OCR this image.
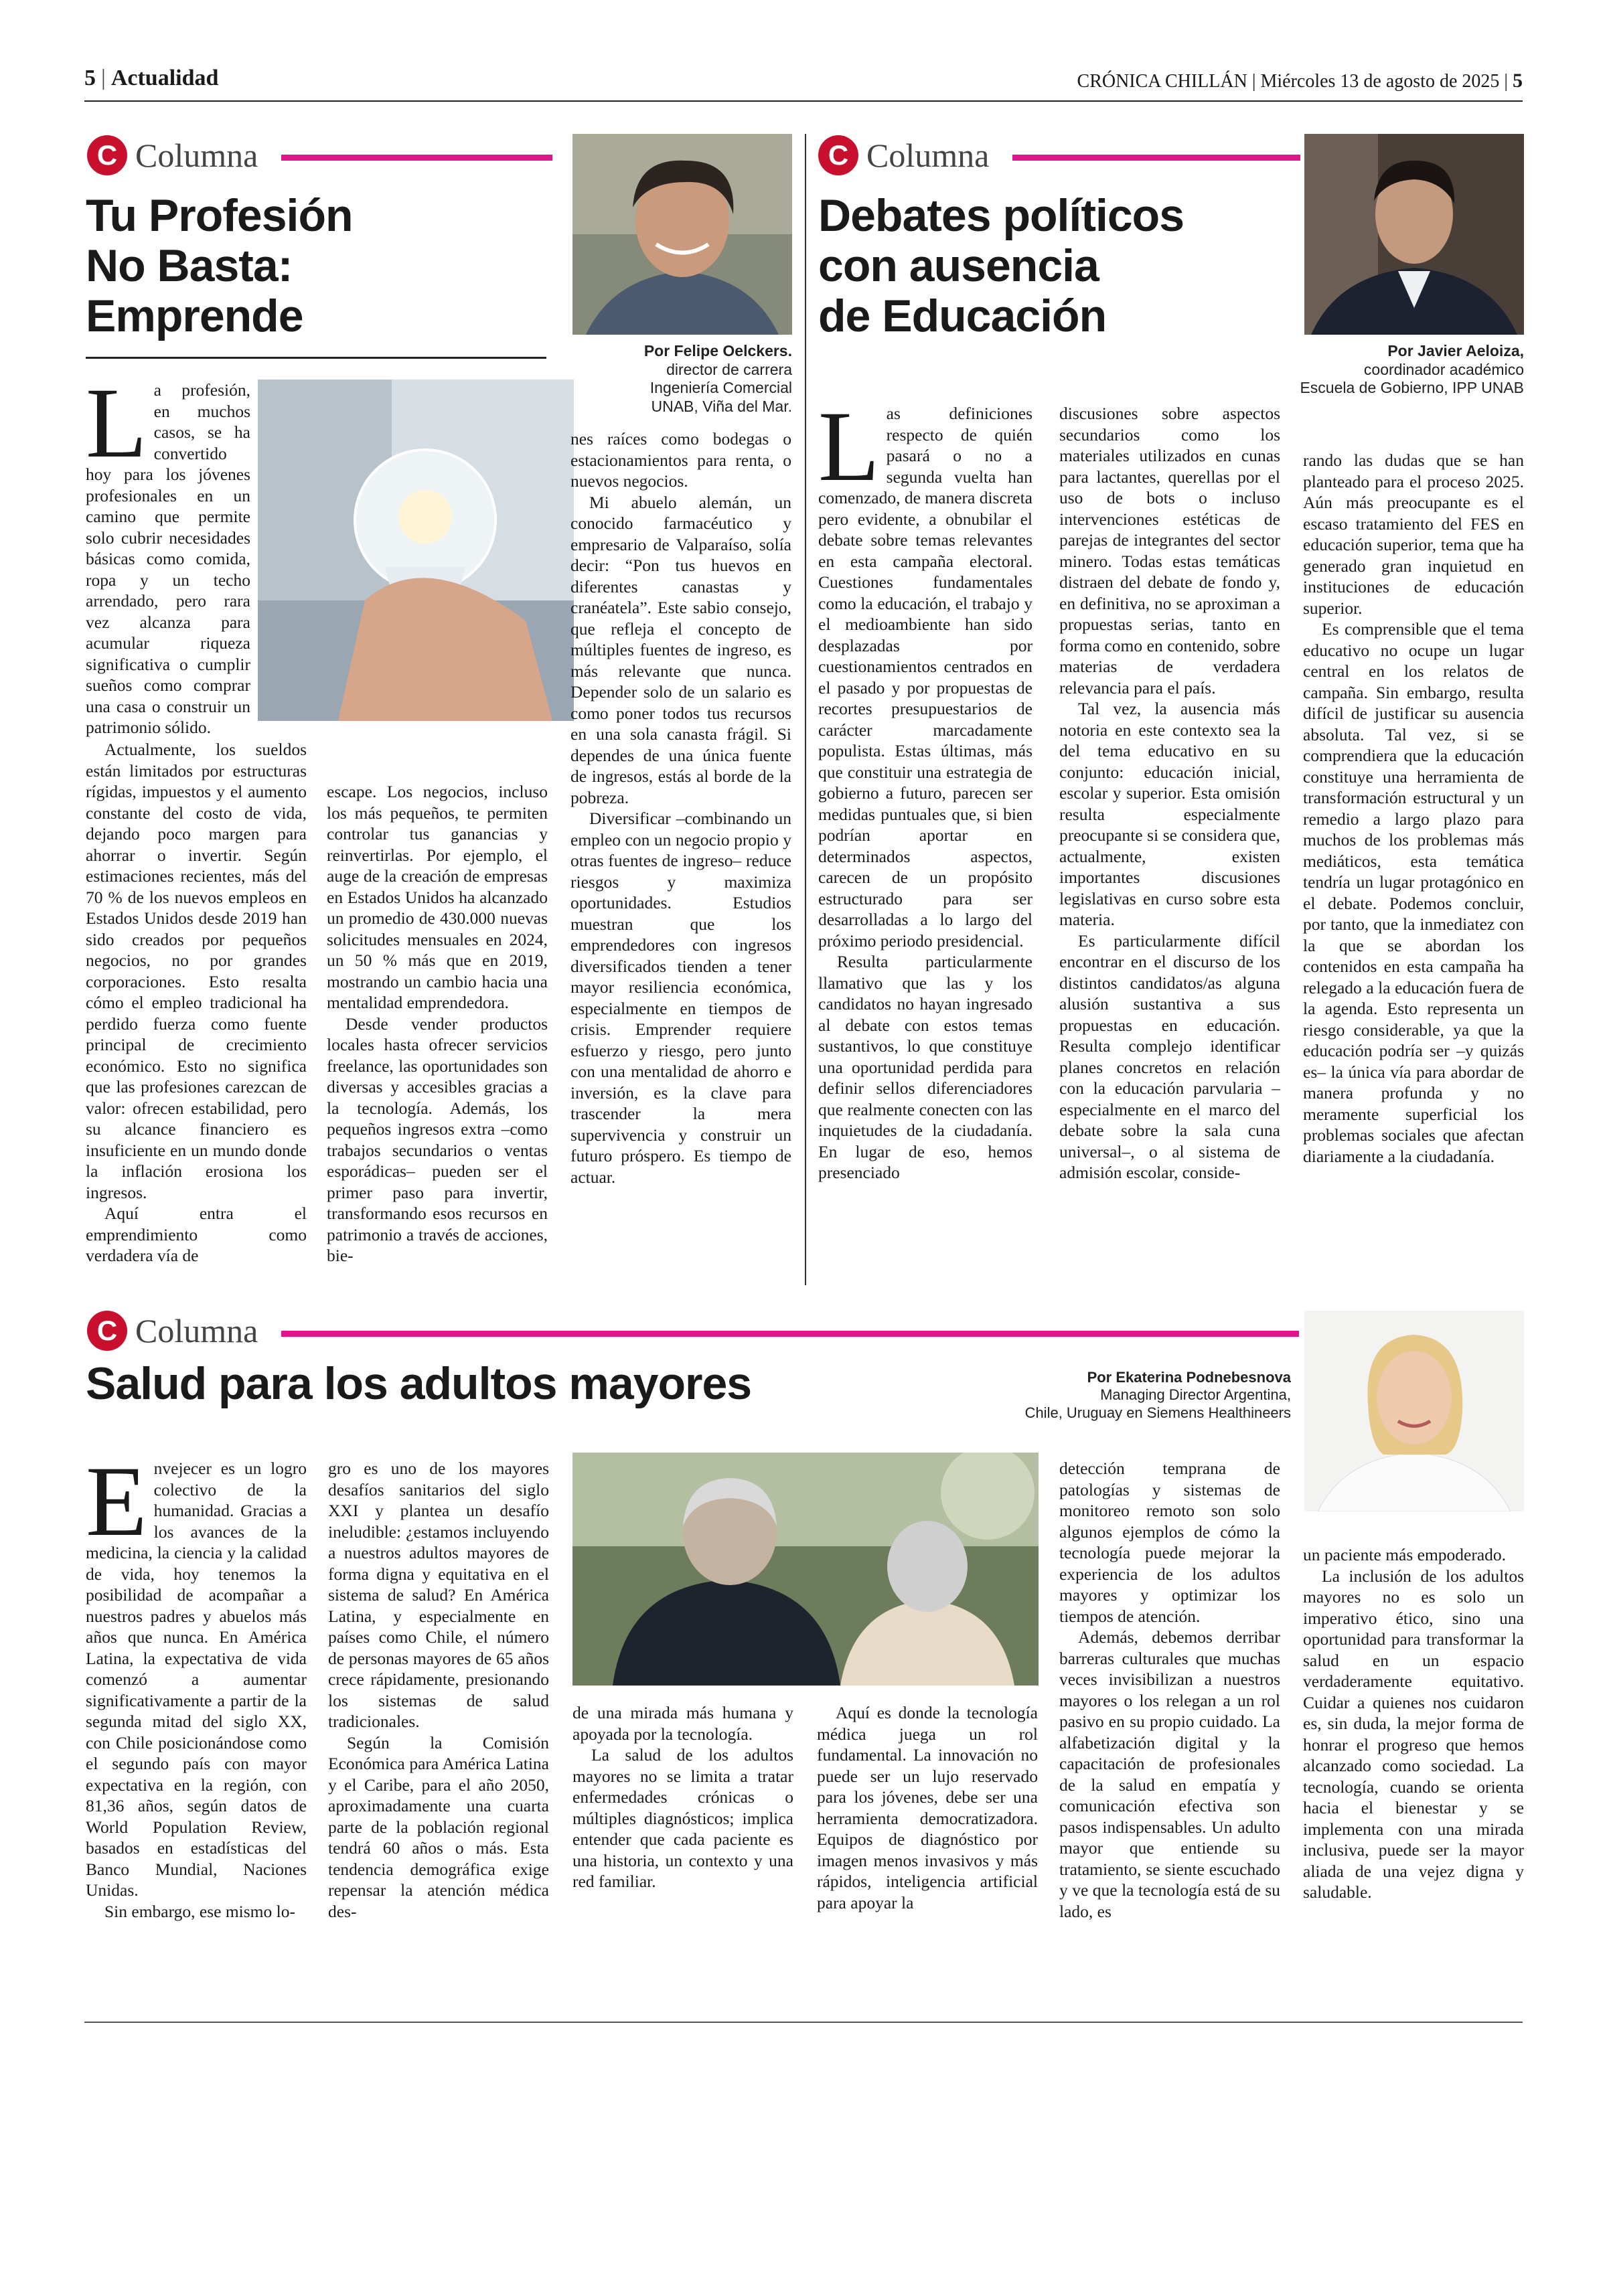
5 | Actualidad	CRÓNICA CHILLÁN | Miércoles 13 de agosto de 2025 | 5
C Columna
Tu Profesión
No Basta:
Emprende
Por Felipe Oelckers.
director de carrera
Ingeniería Comercial
UNAB, Viña del Mar.

La profesión, en muchos casos, se ha convertido hoy para los jóvenes profesionales en un camino que permite solo cubrir necesidades básicas como comida, ropa y un techo arrendado, pero rara vez alcanza para acumular riqueza significativa o cumplir sueños como comprar una casa o construir un patrimonio sólido.

Actualmente, los sueldos están limitados por estructuras rígidas, impuestos y el aumento constante del costo de vida, dejando poco margen para ahorrar o invertir. Según estimaciones recientes, más del 70 % de los nuevos empleos en Estados Unidos desde 2019 han sido creados por pequeños negocios, no por grandes corporaciones. Esto resalta cómo el empleo tradicional ha perdido fuerza como fuente principal de crecimiento económico. Esto no significa que las profesiones carezcan de valor: ofrecen estabilidad, pero su alcance financiero es insuficiente en un mundo donde la inflación erosiona los ingresos.

Aquí entra el emprendimiento como verdadera vía de

escape. Los negocios, incluso los más pequeños, te permiten controlar tus ganancias y reinvertirlas. Por ejemplo, el auge de la creación de empresas en Estados Unidos ha alcanzado un promedio de 430.000 nuevas solicitudes mensuales en 2024, un 50 % más que en 2019, mostrando un cambio hacia una mentalidad emprendedora.

Desde vender productos locales hasta ofrecer servicios freelance, las oportunidades son diversas y accesibles gracias a la tecnología. Además, los pequeños ingresos extra –como trabajos secundarios o ventas esporádicas– pueden ser el primer paso para invertir, transformando esos recursos en patrimonio a través de acciones, bie-

nes raíces como bodegas o estacionamientos para renta, o nuevos negocios.

Mi abuelo alemán, un conocido farmacéutico y empresario de Valparaíso, solía decir: “Pon tus huevos en diferentes canastas y cranéatela”. Este sabio consejo, que refleja el concepto de múltiples fuentes de ingreso, es más relevante que nunca. Depender solo de un salario es como poner todos tus recursos en una sola canasta frágil. Si dependes de una única fuente de ingresos, estás al borde de la pobreza.

Diversificar –combinando un empleo con un negocio propio y otras fuentes de ingreso– reduce riesgos y maximiza oportunidades. Estudios muestran que los emprendedores con ingresos diversificados tienden a tener mayor resiliencia económica, especialmente en tiempos de crisis. Emprender requiere esfuerzo y riesgo, pero junto con una mentalidad de ahorro e inversión, es la clave para trascender la mera supervivencia y construir un futuro próspero. Es tiempo de actuar.

C Columna
Debates políticos
con ausencia
de Educación
Por Javier Aeloiza,
coordinador académico
Escuela de Gobierno, IPP UNAB

Las definiciones respecto de quién pasará o no a segunda vuelta han comenzado, de manera discreta pero evidente, a obnubilar el debate sobre temas relevantes en esta campaña electoral. Cuestiones fundamentales como la educación, el trabajo y el medioambiente han sido desplazadas por cuestionamientos centrados en el pasado y por propuestas de recortes presupuestarios de carácter marcadamente populista. Estas últimas, más que constituir una estrategia de gobierno a futuro, parecen ser medidas puntuales que, si bien podrían aportar en determinados aspectos, carecen de un propósito estructurado para ser desarrolladas a lo largo del próximo periodo presidencial.

Resulta particularmente llamativo que las y los candidatos no hayan ingresado al debate con estos temas sustantivos, lo que constituye una oportunidad perdida para definir sellos diferenciadores que realmente conecten con las inquietudes de la ciudadanía. En lugar de eso, hemos presenciado

discusiones sobre aspectos secundarios como los materiales utilizados en cunas para lactantes, querellas por el uso de bots o incluso intervenciones estéticas de parejas de integrantes del sector minero. Todas estas temáticas distraen del debate de fondo y, en definitiva, no se aproximan a propuestas serias, tanto en forma como en contenido, sobre materias de verdadera relevancia para el país.

Tal vez, la ausencia más notoria en este contexto sea la del tema educativo en su conjunto: educación inicial, escolar y superior. Esta omisión resulta especialmente preocupante si se considera que, actualmente, existen importantes discusiones legislativas en curso sobre esta materia.

Es particularmente difícil encontrar en el discurso de los distintos candidatos/as alguna alusión sustantiva a sus propuestas en educación. Resulta complejo identificar planes concretos en relación con la educación parvularia –especialmente en el marco del debate sobre la sala cuna universal–, o al sistema de admisión escolar, conside-

rando las dudas que se han planteado para el proceso 2025. Aún más preocupante es el escaso tratamiento del FES en educación superior, tema que ha generado gran inquietud en instituciones de educación superior.

Es comprensible que el tema educativo no ocupe un lugar central en los relatos de campaña. Sin embargo, resulta difícil de justificar su ausencia absoluta. Tal vez, si se comprendiera que la educación constituye una herramienta de transformación estructural y un remedio a largo plazo para muchos de los problemas más mediáticos, esta temática tendría un lugar protagónico en el debate. Podemos concluir, por tanto, que la inmediatez con la que se abordan los contenidos en esta campaña ha relegado a la educación fuera de la agenda. Esto representa un riesgo considerable, ya que la educación podría ser –y quizás es– la única vía para abordar de manera profunda y no meramente superficial los problemas sociales que afectan diariamente a la ciudadanía.

C Columna
Salud para los adultos mayores	Por Ekaterina Podnebesnova
Managing Director Argentina,
Chile, Uruguay en Siemens Healthineers

Envejecer es un logro colectivo de la humanidad. Gracias a los avances de la medicina, la ciencia y la calidad de vida, hoy tenemos la posibilidad de acompañar a nuestros padres y abuelos más años que nunca. En América Latina, la expectativa de vida comenzó a aumentar significativamente a partir de la segunda mitad del siglo XX, con Chile posicionándose como el segundo país con mayor expectativa en la región, con 81,36 años, según datos de World Population Review, basados en estadísticas del Banco Mundial, Naciones Unidas.

Sin embargo, ese mismo lo-

gro es uno de los mayores desafíos sanitarios del siglo XXI y plantea un desafío ineludible: ¿estamos incluyendo a nuestros adultos mayores de forma digna y equitativa en el sistema de salud? En América Latina, y especialmente en países como Chile, el número de personas mayores de 65 años crece rápidamente, presionando los sistemas de salud tradicionales.

Según la Comisión Económica para América Latina y el Caribe, para el año 2050, aproximadamente una cuarta parte de la población regional tendrá 60 años o más. Esta tendencia demográfica exige repensar la atención médica des-

de una mirada más humana y apoyada por la tecnología.

La salud de los adultos mayores no se limita a tratar enfermedades crónicas o múltiples diagnósticos; implica entender que cada paciente es una historia, un contexto y una red familiar.

Aquí es donde la tecnología médica juega un rol fundamental. La innovación no puede ser un lujo reservado para los jóvenes, debe ser una herramienta democratizadora. Equipos de diagnóstico por imagen menos invasivos y más rápidos, inteligencia artificial para apoyar la

detección temprana de patologías y sistemas de monitoreo remoto son solo algunos ejemplos de cómo la tecnología puede mejorar la experiencia de los adultos mayores y optimizar los tiempos de atención.

Además, debemos derribar barreras culturales que muchas veces invisibilizan a nuestros mayores o los relegan a un rol pasivo en su propio cuidado. La alfabetización digital y la capacitación de profesionales de la salud en empatía y comunicación efectiva son pasos indispensables. Un adulto mayor que entiende su tratamiento, se siente escuchado y ve que la tecnología está de su lado, es

un paciente más empoderado.

La inclusión de los adultos mayores no es solo un imperativo ético, sino una oportunidad para transformar la salud en un espacio verdaderamente equitativo. Cuidar a quienes nos cuidaron es, sin duda, la mejor forma de honrar el progreso que hemos alcanzado como sociedad. La tecnología, cuando se orienta hacia el bienestar y se implementa con una mirada inclusiva, puede ser la mayor aliada de una vejez digna y saludable.
